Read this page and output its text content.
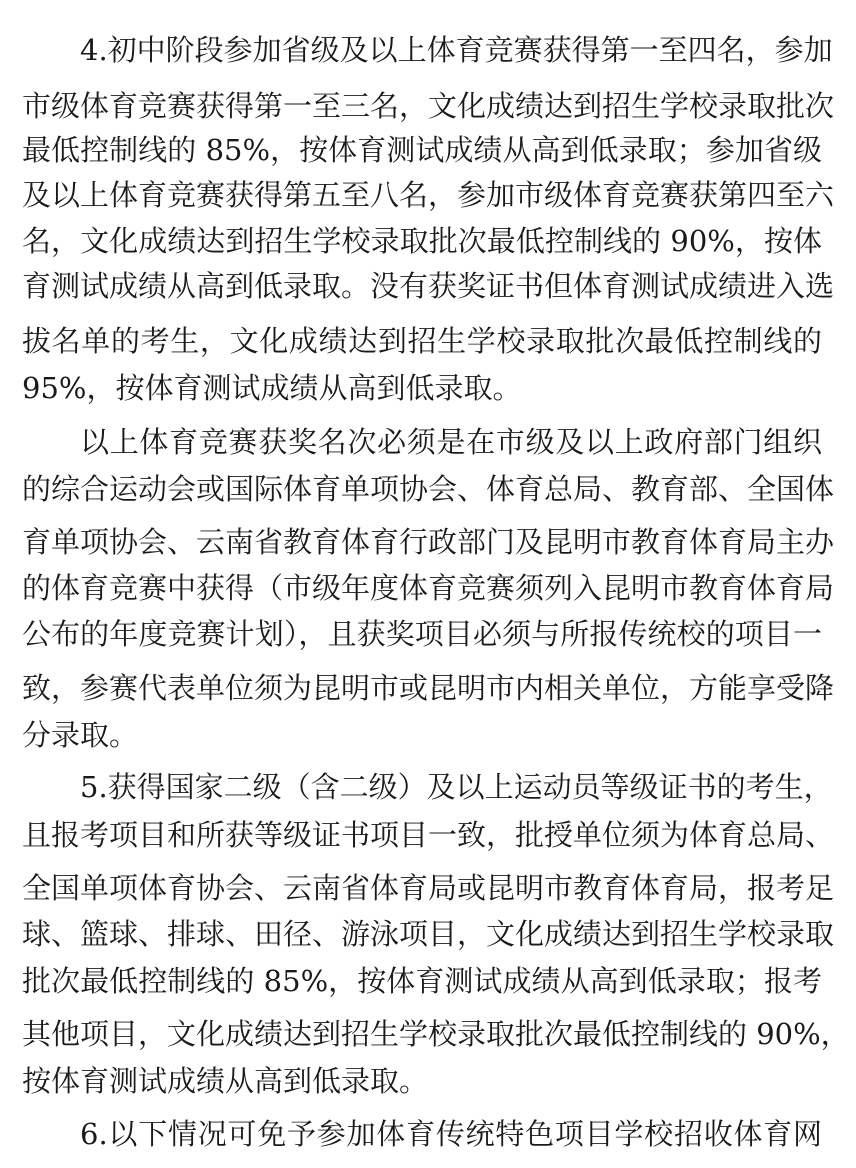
4.初中阶段参加省级及以上体育竞赛获得第一至四名，参加
市级体育竞赛获得第一至三名，文化成绩达到招生学校录取批次
最低控制线的 85%，按体育测试成绩从高到低录取；参加省级
及以上体育竞赛获得第五至八名，参加市级体育竞赛获第四至六
名，文化成绩达到招生学校录取批次最低控制线的 90%，按体
育测试成绩从高到低录取。没有获奖证书但体育测试成绩进入选
拔名单的考生，文化成绩达到招生学校录取批次最低控制线的
95%，按体育测试成绩从高到低录取。
以上体育竞赛获奖名次必须是在市级及以上政府部门组织
的综合运动会或国际体育单项协会、体育总局、教育部、全国体
育单项协会、云南省教育体育行政部门及昆明市教育体育局主办
的体育竞赛中获得（市级年度体育竞赛须列入昆明市教育体育局
公布的年度竞赛计划），且获奖项目必须与所报传统校的项目一
致，参赛代表单位须为昆明市或昆明市内相关单位，方能享受降
分录取。
5.获得国家二级（含二级）及以上运动员等级证书的考生，
且报考项目和所获等级证书项目一致，批授单位须为体育总局、
全国单项体育协会、云南省体育局或昆明市教育体育局，报考足
球、篮球、排球、田径、游泳项目，文化成绩达到招生学校录取
批次最低控制线的 85%，按体育测试成绩从高到低录取；报考
其他项目，文化成绩达到招生学校录取批次最低控制线的 90%，
按体育测试成绩从高到低录取。
6.以下情况可免予参加体育传统特色项目学校招收体育网
